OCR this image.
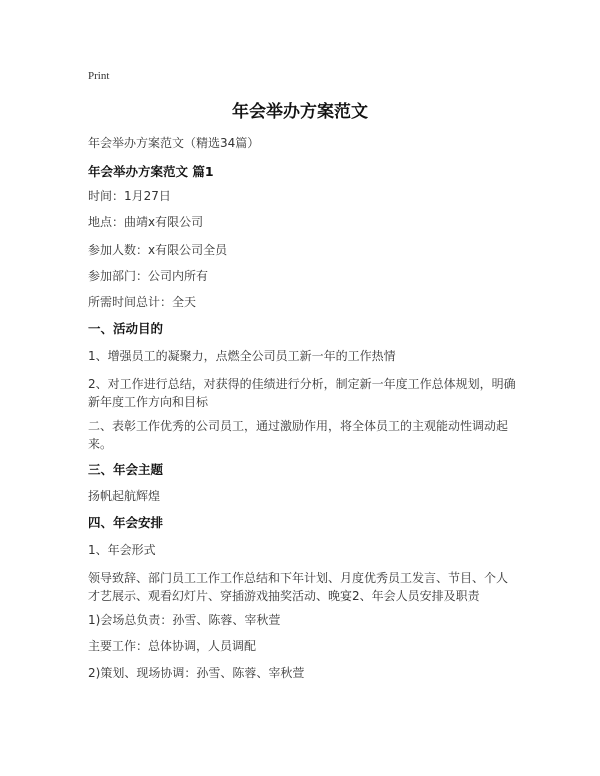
Print
年会举办方案范文
年会举办方案范文（精选34篇）
年会举办方案范文 篇1
时间：1月27日
地点：曲靖x有限公司
参加人数：x有限公司全员
参加部门：公司内所有
所需时间总计：全天
一、活动目的
1、增强员工的凝聚力，点燃全公司员工新一年的工作热情
2、对工作进行总结，对获得的佳绩进行分析，制定新一年度工作总体规划，明确新年度工作方向和目标
二、表彰工作优秀的公司员工，通过激励作用，将全体员工的主观能动性调动起来。
三、年会主题
扬帆起航辉煌
四、年会安排
1、年会形式
领导致辞、部门员工工作工作总结和下年计划、月度优秀员工发言、节目、个人才艺展示、观看幻灯片、穿插游戏抽奖活动、晚宴2、年会人员安排及职责
1)会场总负责：孙雪、陈蓉、宰秋萱
主要工作：总体协调，人员调配
2)策划、现场协调：孙雪、陈蓉、宰秋萱
